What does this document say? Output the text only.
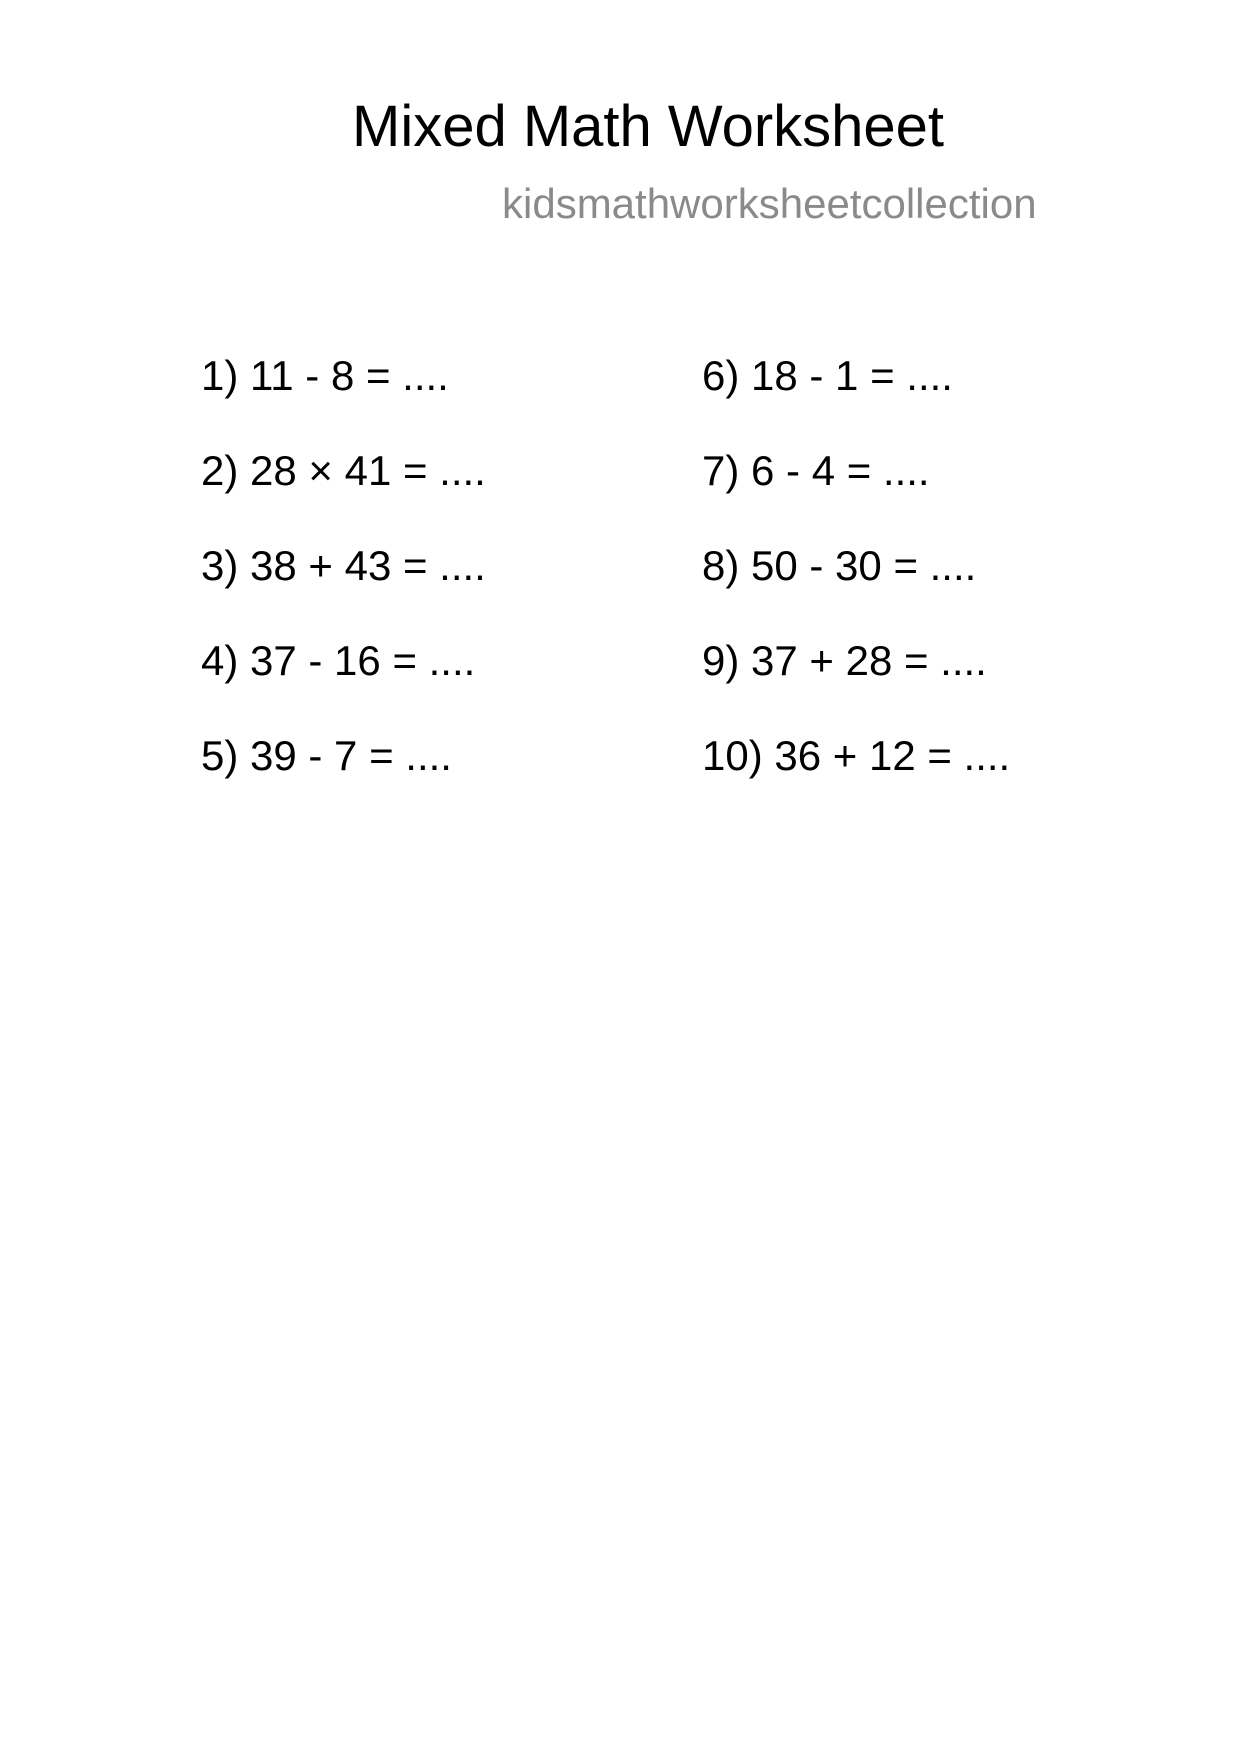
Mixed Math Worksheet
kidsmathworksheetcollection
1) 11 - 8 = ....
2) 28 × 41 = ....
3) 38 + 43 = ....
4) 37 - 16 = ....
5) 39 - 7 = ....
6) 18 - 1 = ....
7) 6 - 4 = ....
8) 50 - 30 = ....
9) 37 + 28 = ....
10) 36 + 12 = ....
